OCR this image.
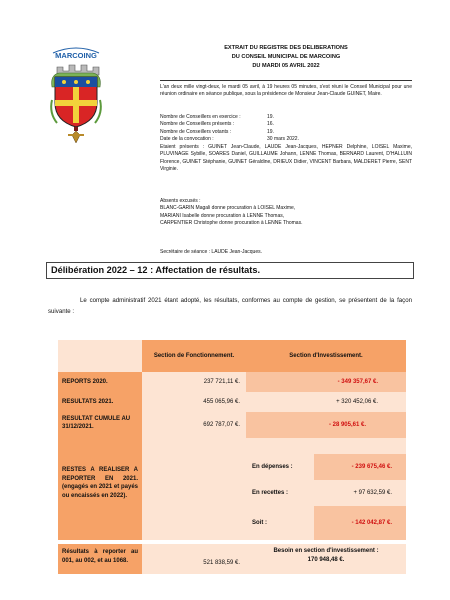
MARCOING
EXTRAIT DU REGISTRE DES DELIBERATIONS
DU CONSEIL MUNICIPAL DE MARCOING
DU MARDI 05 AVRIL 2022
L'an deux mille vingt-deux, le mardi 05 avril, à 19 heures 05 minutes, s'est réuni le Conseil Municipal pour une réunion ordinaire en séance publique, sous la présidence de Monsieur Jean-Claude GUINET, Maire.
Nombre de Conseillers en exercice :	19.
Nombre de Conseillers présents :	16.
Nombre de Conseillers votants :	19.
Date de la convocation :	30 mars 2022.
Etaient présents : GUINET Jean-Claude, LAUDE Jean-Jacques, HEPNER Delphine, LOISEL Maxime, PLUVINAGE Sybille, SOARES Daniel, GUILLAUME Johann, LENNE Thomas, BERNARD Laurent, D'HALLUIN Florence, GUINET Stéphanie, GUINET Géraldine, DRIEUX Didier, VINCENT Barbara, MALDERET Pierre, SENT Virginie.
Absents excusés :
BLANC-GARIN Magali donne procuration à LOISEL Maxime,
MARIANI Isabelle donne procuration à LENNE Thomas,
CARPENTIER Christophe donne procuration à LENNE Thomas.
Secrétaire de séance : LAUDE Jean-Jacques.
Délibération 2022 – 12 : Affectation de résultats.
Le compte administratif 2021 étant adopté, les résultats, conformes au compte de gestion, se présentent de la façon suivante :
Section de Fonctionnement.	Section d'Investissement.
REPORTS 2020.	237 721,11 €.	- 349 357,67 €.
RESULTATS 2021.	455 065,96 €.	+ 320 452,06 €.
RESULTAT CUMULE AU 31/12/2021.	692 787,07 €.	- 28 905,61 €.
RESTES A REALISER A REPORTER EN 2021. (engagés en 2021 et payés ou encaissés en 2022).
En dépenses :	- 239 675,46 €.
En recettes :	+ 97 632,59 €.
Soit :	- 142 042,87 €.
Résultats à reporter au 001, au 002, et au 1068.	521 838,59 €.
Besoin en section d'investissement :
170 948,48 €.
